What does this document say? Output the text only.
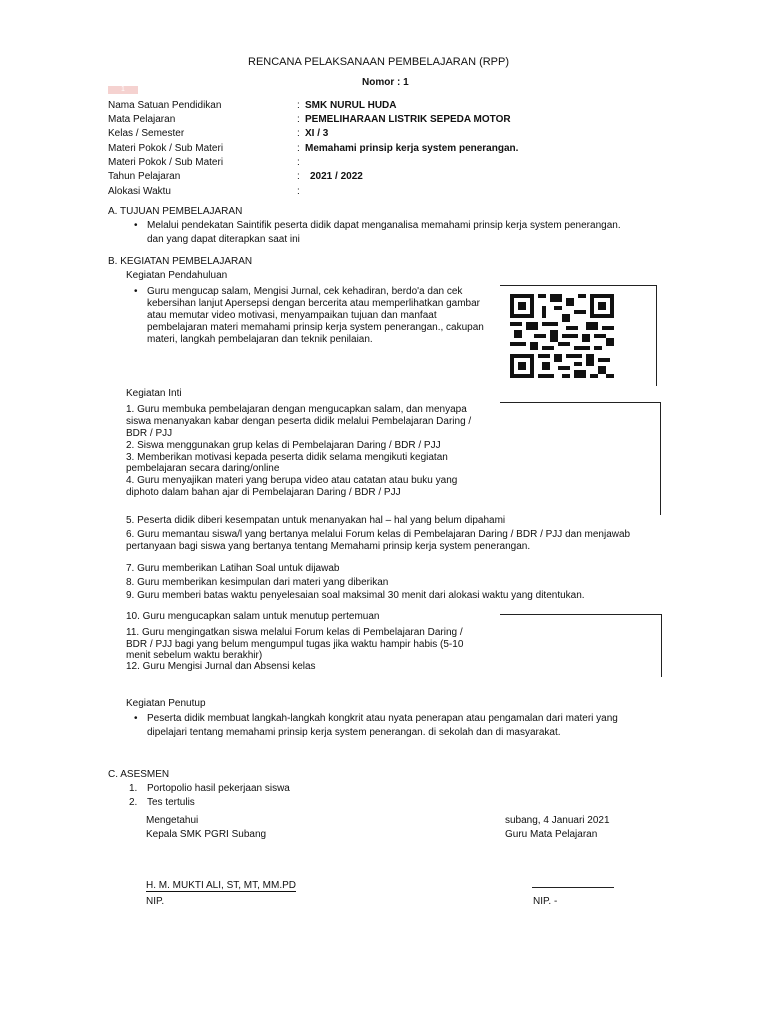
RENCANA PELAKSANAAN PEMBELAJARAN (RPP)
Nomor : 1
1
Nama Satuan Pendidikan	: SMK NURUL HUDA
Mata Pelajaran	: PEMELIHARAAN LISTRIK SEPEDA MOTOR
Kelas / Semester	: XI / 3
Materi Pokok / Sub Materi	: Memahami prinsip kerja system penerangan.
Materi Pokok / Sub Materi	:
Tahun Pelajaran	: 2021 / 2022
Alokasi Waktu	:
A. TUJUAN PEMBELAJARAN
• Melalui pendekatan Saintifik peserta didik dapat menganalisa memahami prinsip kerja system penerangan.
dan yang dapat diterapkan saat ini
B. KEGIATAN PEMBELAJARAN
Kegiatan Pendahuluan
• Guru mengucap salam, Mengisi Jurnal, cek kehadiran, berdo'a dan cek
kebersihan lanjut Apersepsi dengan bercerita atau memperlihatkan gambar
atau memutar video motivasi, menyampaikan tujuan dan manfaat
pembelajaran materi memahami prinsip kerja system penerangan., cakupan
materi, langkah pembelajaran dan teknik penilaian.
Kegiatan Inti
1. Guru membuka pembelajaran dengan mengucapkan salam, dan menyapa
siswa menanyakan kabar dengan peserta didik melalui Pembelajaran Daring /
BDR / PJJ
2. Siswa menggunakan grup kelas di Pembelajaran Daring / BDR / PJJ
3. Memberikan motivasi kepada peserta didik selama mengikuti kegiatan
pembelajaran secara daring/online
4. Guru menyajikan materi yang berupa video atau catatan atau buku yang
diphoto dalam bahan ajar di Pembelajaran Daring / BDR / PJJ
5. Peserta didik diberi kesempatan untuk menanyakan hal – hal yang belum dipahami
6. Guru memantau siswa/l yang bertanya melalui Forum kelas di Pembelajaran Daring / BDR / PJJ dan menjawab
pertanyaan bagi siswa yang bertanya tentang Memahami prinsip kerja system penerangan.
7. Guru memberikan Latihan Soal untuk dijawab
8. Guru memberikan kesimpulan dari materi yang diberikan
9. Guru memberi batas waktu penyelesaian soal maksimal 30 menit dari alokasi waktu yang ditentukan.
10. Guru mengucapkan salam untuk menutup pertemuan
11. Guru mengingatkan siswa melalui Forum kelas di Pembelajaran Daring /
BDR / PJJ bagi yang belum mengumpul tugas jika waktu hampir habis (5-10
menit sebelum waktu berakhir)
12. Guru Mengisi Jurnal dan Absensi kelas
Kegiatan Penutup
• Peserta didik membuat langkah-langkah kongkrit atau nyata penerapan atau pengamalan dari materi yang
dipelajari tentang memahami prinsip kerja system penerangan. di sekolah dan di masyarakat.
C. ASESMEN
1. Portopolio hasil pekerjaan siswa
2. Tes tertulis
Mengetahui
Kepala SMK PGRI Subang
subang, 4 Januari 2021
Guru Mata Pelajaran
H. M. MUKTI ALI, ST, MT, MM.PD
NIP.	NIP. -
